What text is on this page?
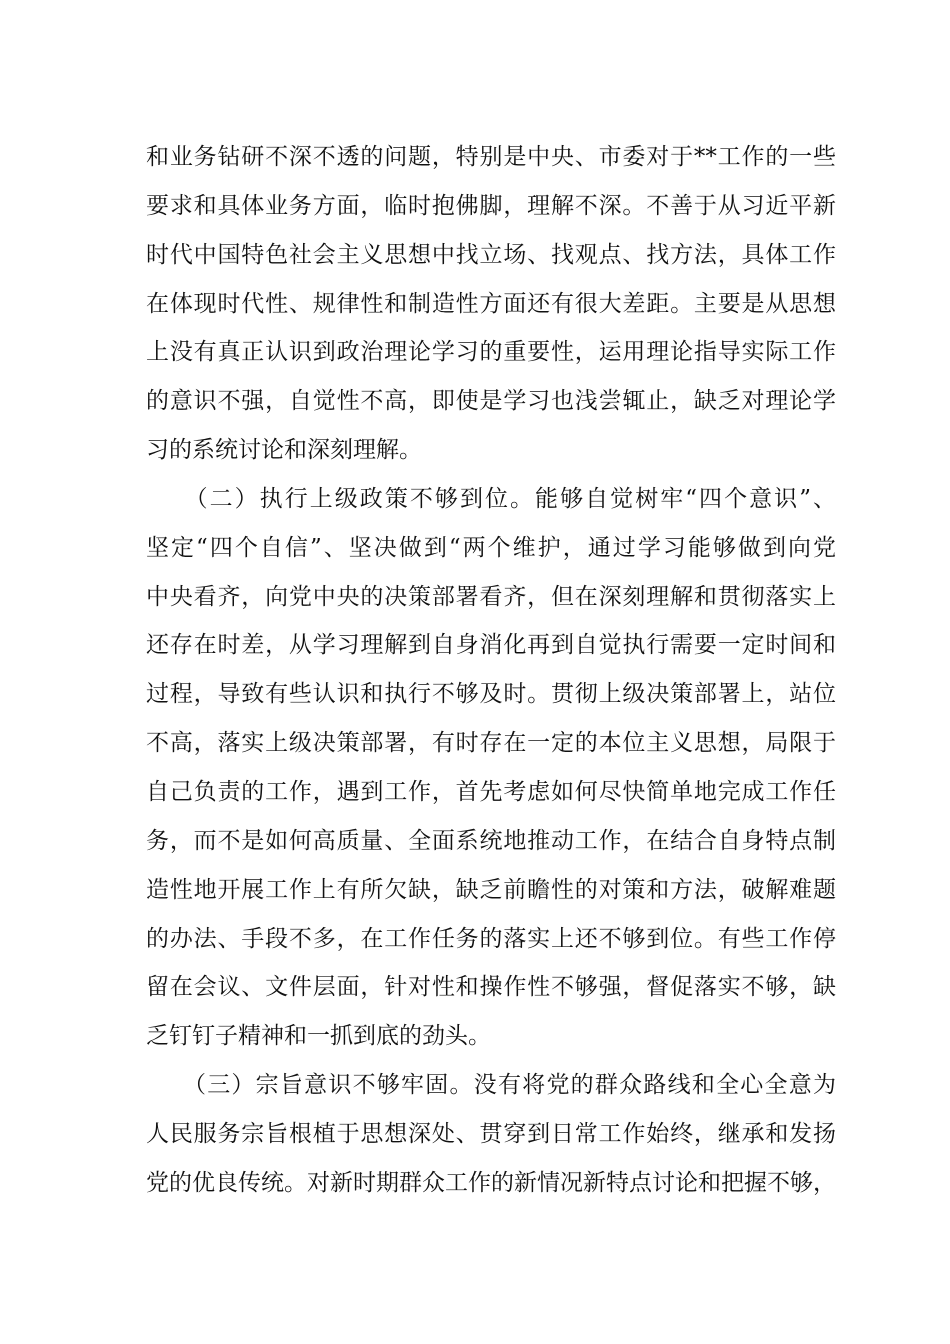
和业务钻研不深不透的问题，特别是中央、市委对于**工作的一些
要求和具体业务方面，临时抱佛脚，理解不深。不善于从习近平新
时代中国特色社会主义思想中找立场、找观点、找方法，具体工作
在体现时代性、规律性和制造性方面还有很大差距。主要是从思想
上没有真正认识到政治理论学习的重要性，运用理论指导实际工作
的意识不强，自觉性不高，即使是学习也浅尝辄止，缺乏对理论学
习的系统讨论和深刻理解。
　　（二）执行上级政策不够到位。能够自觉树牢“四个意识”、
坚定“四个自信”、坚决做到“两个维护，通过学习能够做到向党
中央看齐，向党中央的决策部署看齐，但在深刻理解和贯彻落实上
还存在时差，从学习理解到自身消化再到自觉执行需要一定时间和
过程，导致有些认识和执行不够及时。贯彻上级决策部署上，站位
不高，落实上级决策部署，有时存在一定的本位主义思想，局限于
自己负责的工作，遇到工作，首先考虑如何尽快简单地完成工作任
务，而不是如何高质量、全面系统地推动工作，在结合自身特点制
造性地开展工作上有所欠缺，缺乏前瞻性的对策和方法，破解难题
的办法、手段不多，在工作任务的落实上还不够到位。有些工作停
留在会议、文件层面，针对性和操作性不够强，督促落实不够，缺
乏钉钉子精神和一抓到底的劲头。
　　（三）宗旨意识不够牢固。没有将党的群众路线和全心全意为
人民服务宗旨根植于思想深处、贯穿到日常工作始终，继承和发扬
党的优良传统。对新时期群众工作的新情况新特点讨论和把握不够，
